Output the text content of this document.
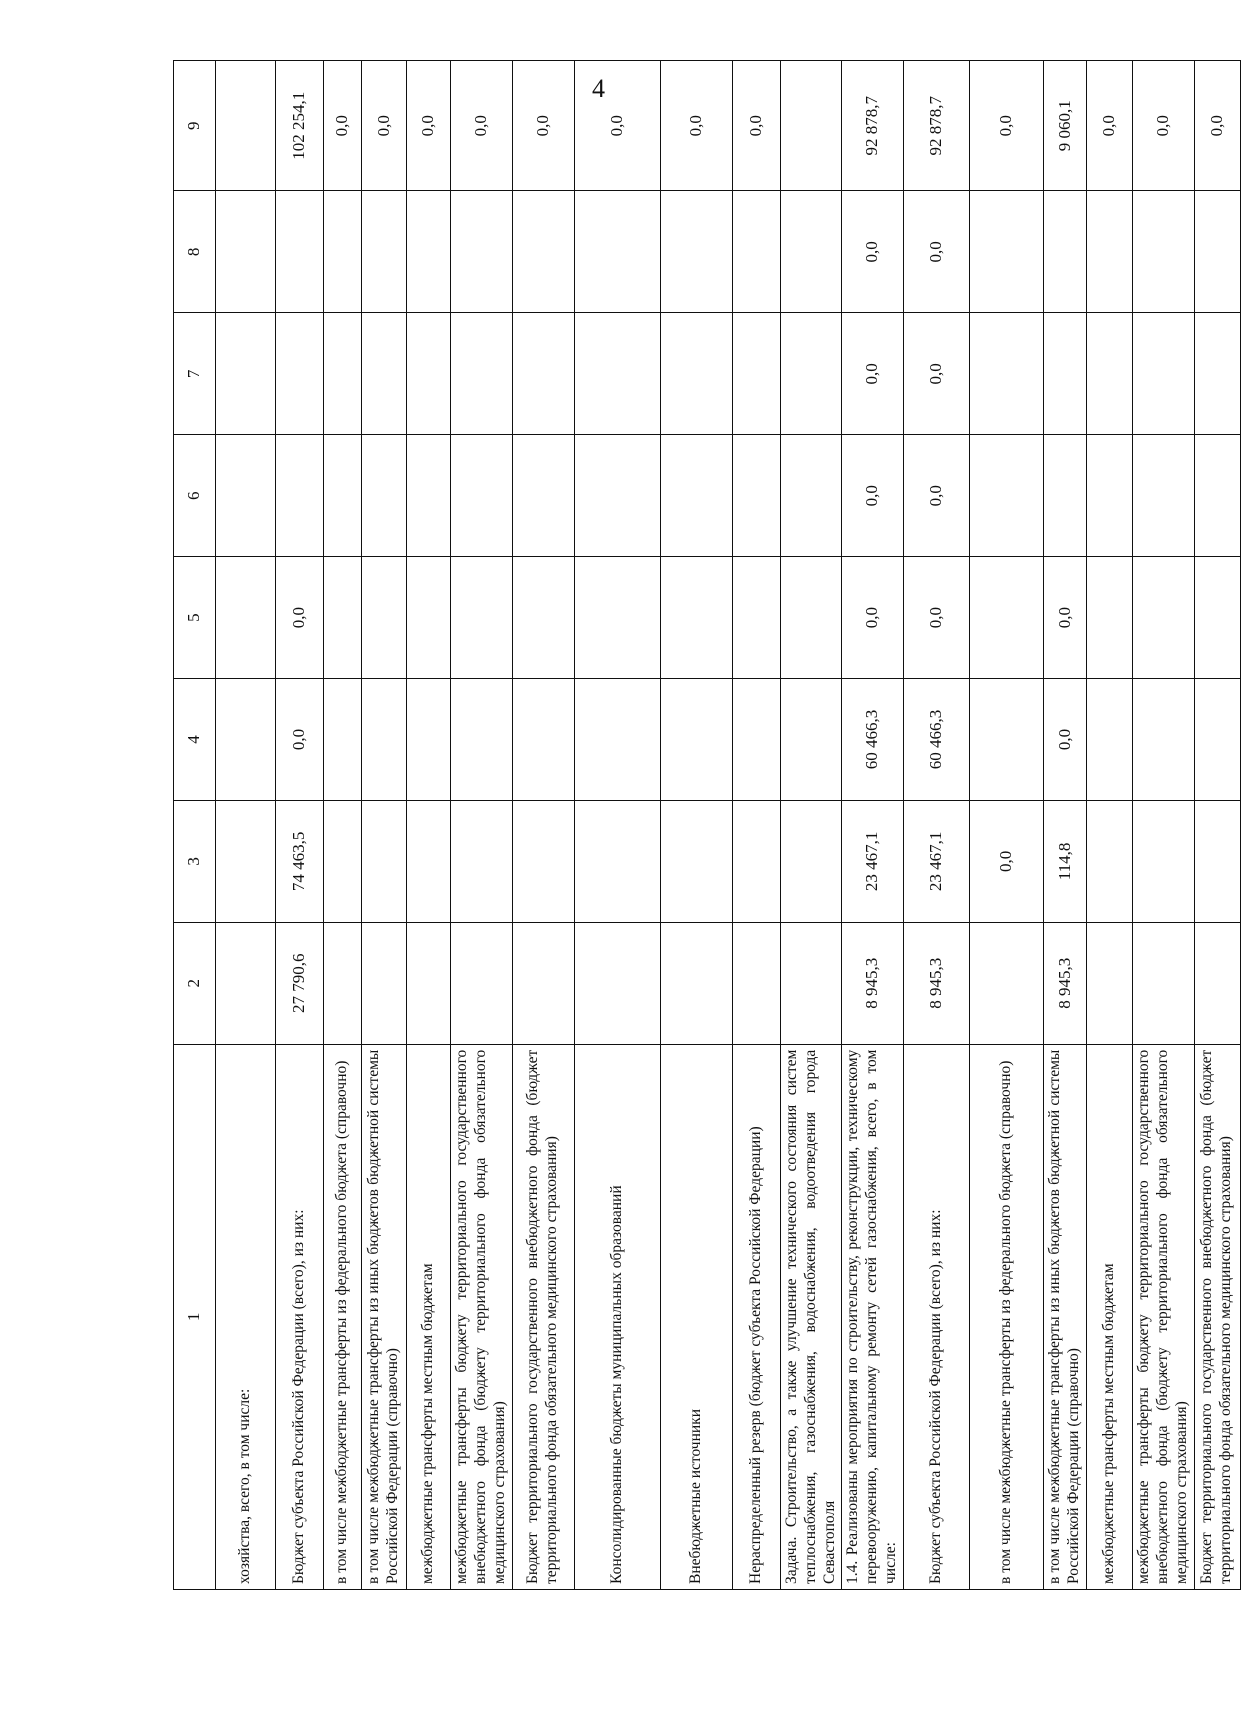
4
1	2	3	4	5	6	7	8	9
хозяйства, всего, в том числе:								
Бюджет субъекта Российской Федерации (всего), из них:	27 790,6	74 463,5	0,0	0,0				102 254,1
в том числе межбюджетные трансферты из федерального бюджета (справочно)								0,0
в том числе межбюджетные трансферты из иных бюджетов бюджетной системы Российской Федерации (справочно)								0,0
межбюджетные трансферты местным бюджетам								0,0
межбюджетные трансферты бюджету территориального государственного внебюджетного фонда (бюджету территориального фонда обязательного медицинского страхования)								0,0
Бюджет территориального государственного внебюджетного фонда (бюджет территориального фонда обязательного медицинского страхования)								0,0
Консолидированные бюджеты муниципальных образований								0,0
Внебюджетные источники								0,0
Нераспределенный резерв (бюджет субъекта Российской Федерации)								0,0
Задача. Строительство, а также улучшение технического состояния систем теплоснабжения, газоснабжения, водоснабжения, водоотведения города Севастополя								
1.4. Реализованы мероприятия по строительству, реконструкции, техническому перевооружению, капитальному ремонту сетей газоснабжения, всего, в том числе:	8 945,3	23 467,1	60 466,3	0,0	0,0	0,0	0,0	92 878,7
Бюджет субъекта Российской Федерации (всего), из них:	8 945,3	23 467,1	60 466,3	0,0	0,0	0,0	0,0	92 878,7
в том числе межбюджетные трансферты из федерального бюджета (справочно)		0,0						0,0
в том числе межбюджетные трансферты из иных бюджетов бюджетной системы Российской Федерации (справочно)	8 945,3	114,8	0,0	0,0				9 060,1
межбюджетные трансферты местным бюджетам								0,0
межбюджетные трансферты бюджету территориального государственного внебюджетного фонда (бюджету территориального фонда обязательного медицинского страхования)								0,0
Бюджет территориального государственного внебюджетного фонда (бюджет территориального фонда обязательного медицинского страхования)								0,0
